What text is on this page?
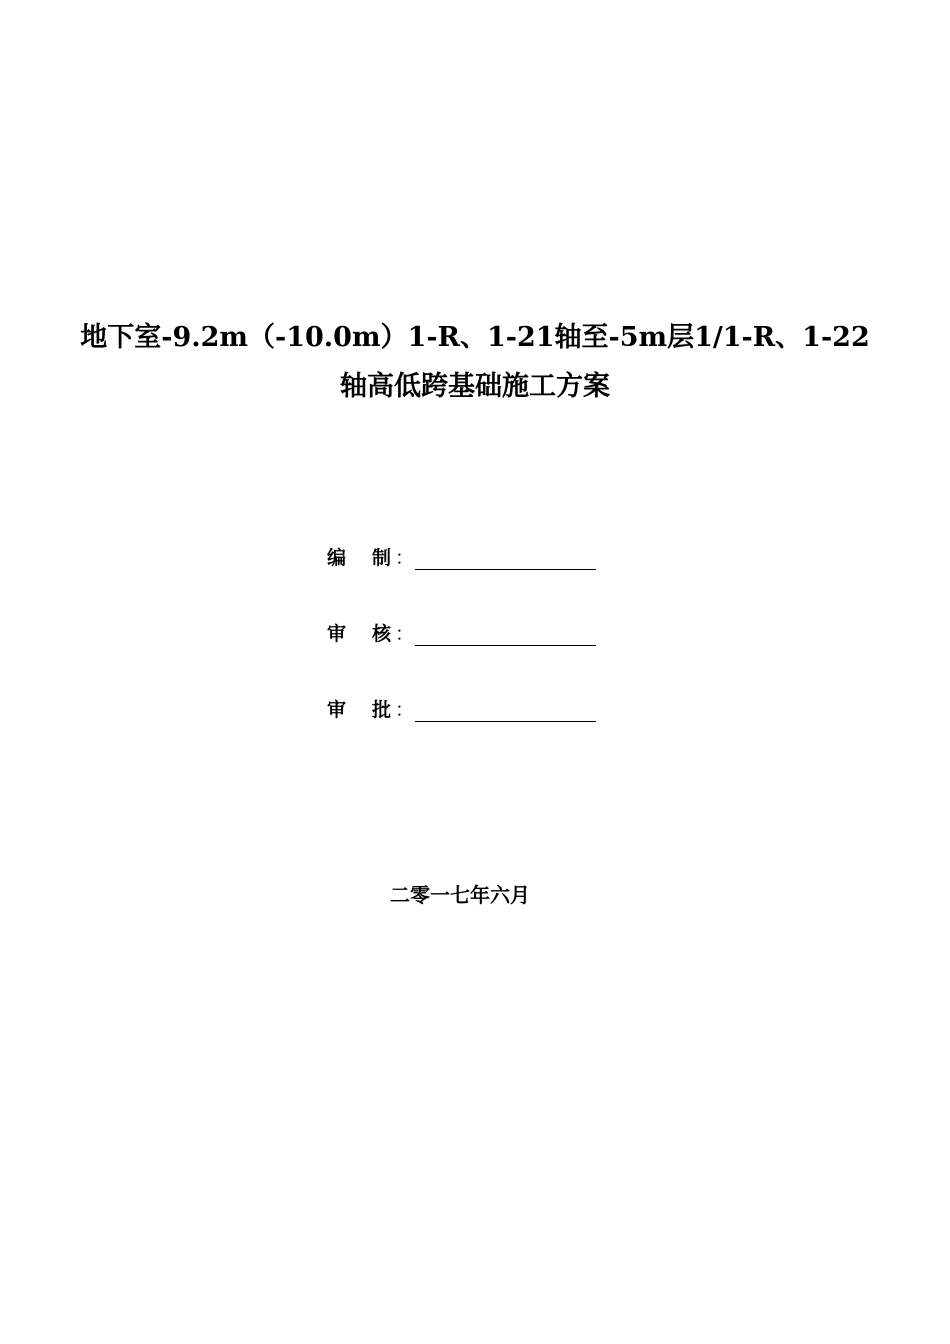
地下室-9.2m（-10.0m）1-R、1-21轴至-5m层1/1-R、1-22
轴高低跨基础施工方案
编 制 ：
审 核 ：
审 批 ：
二零一七年六月
